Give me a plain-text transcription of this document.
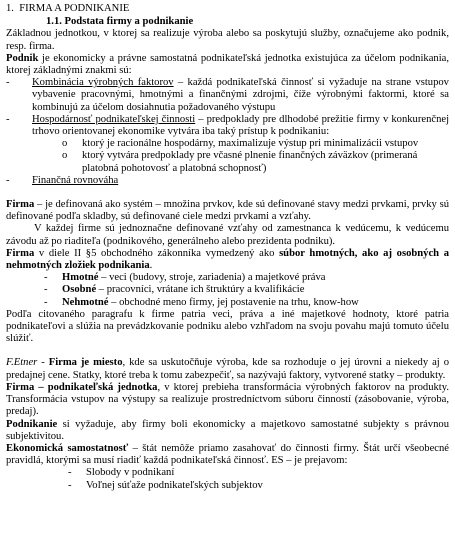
1.  FIRMA A PODNIKANIE

1.1. Podstata firmy a podnikanie

Základnou jednotkou, v ktorej sa realizuje výroba alebo sa poskytujú služby, označujeme ako podnik, resp. firma.

Podnik je ekonomicky a právne samostatná podnikateľská jednotka existujúca za účelom podnikania, ktorej základnými znakmi sú:

-	Kombinácia výrobných faktorov – každá podnikateľská činnosť si vyžaduje na strane vstupov vybavenie pracovnými, hmotnými a finančnými zdrojmi, číže výrobnými faktormi, ktoré sa kombinujú za účelom dosiahnutia požadovaného výstupu
-	Hospodárnosť podnikateľskej činnosti – predpoklady pre dlhodobé prežitie firmy v konkurenčnej trhovo orientovanej ekonomike vytvára iba taký prístup k podnikaniu:
o	ktorý je racionálne hospodárny, maximalizuje výstup pri minimalizácii vstupov
o	ktorý vytvára predpoklady pre včasné plnenie finančných záväzkov (primeraná platobná pohotovosť a platobná schopnosť)
-	Finančná rovnováha

Firma – je definovaná ako systém – množina prvkov, kde sú definované stavy medzi prvkami, prvky sú definované podľa skladby, sú definované ciele medzi prvkami a vzťahy.

V každej firme sú jednoznačne definované vzťahy od zamestnanca k vedúcemu, k vedúcemu závodu až po riaditeľa (podnikového, generálneho alebo prezidenta podniku).

Firma v diele II §5 obchodného zákonníka vymedzený ako súbor hmotných, ako aj osobných a nehmotných zložiek podnikania.

-	Hmotné – veci (budovy, stroje, zariadenia) a majetkové práva
-	Osobné – pracovníci, vrátane ich štruktúry a kvalifikácie
-	Nehmotné – obchodné meno firmy, jej postavenie na trhu, know-how

Podľa citovaného paragrafu k firme patria veci, práva a iné majetkové hodnoty, ktoré patria podnikateľovi a slúžia na prevádzkovanie podniku alebo vzhľadom na svoju povahu majú tomuto účelu slúžiť.

F.Etner - Firma je miesto, kde sa uskutočňuje výroba, kde sa rozhoduje o jej úrovni a niekedy aj o predajnej cene. Statky, ktoré treba k tomu zabezpečiť, sa nazývajú faktory, vytvorené statky – produkty.

Firma – podnikateľská jednotka, v ktorej prebieha transformácia výrobných faktorov na produkty. Transformácia vstupov na výstupy sa realizuje prostredníctvom súboru činností (zásobovanie, výroba, predaj).

Podnikanie si vyžaduje, aby firmy boli ekonomicky a majetkovo samostatné subjekty s právnou subjektivitou.

Ekonomická samostatnosť – štát nemôže priamo zasahovať do činnosti firmy. Štát určí všeobecné pravidlá, ktorými sa musí riadiť každá podnikateľská činnosť. ES – je prejavom:

-	Slobody v podnikaní
-	Voľnej súťaže podnikateľských subjektov
